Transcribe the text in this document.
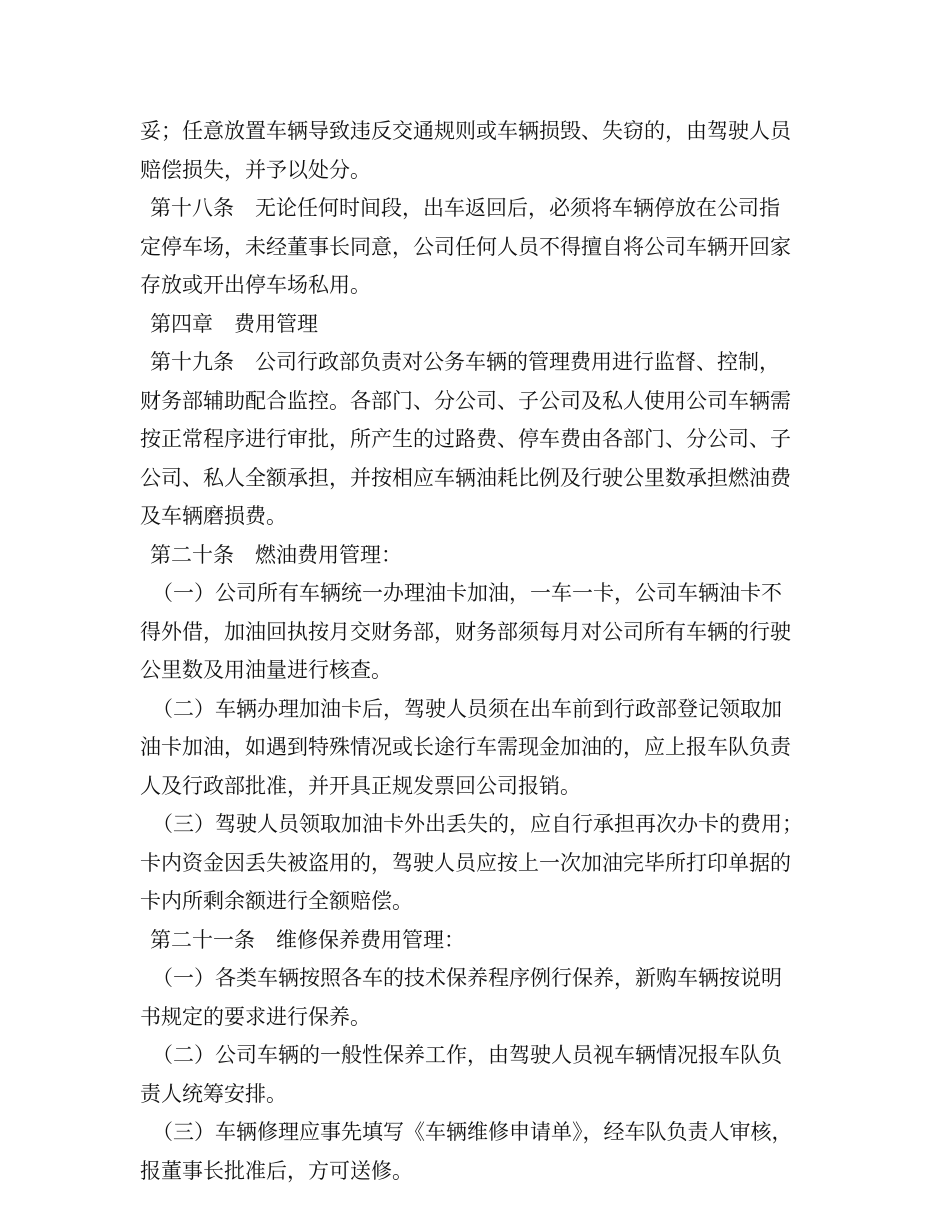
妥；任意放置车辆导致违反交通规则或车辆损毁、失窃的，由驾驶人员
赔偿损失，并予以处分。
第十八条　无论任何时间段，出车返回后，必须将车辆停放在公司指
定停车场，未经董事长同意，公司任何人员不得擅自将公司车辆开回家
存放或开出停车场私用。
第四章　费用管理
第十九条　公司行政部负责对公务车辆的管理费用进行监督、控制，
财务部辅助配合监控。各部门、分公司、子公司及私人使用公司车辆需
按正常程序进行审批，所产生的过路费、停车费由各部门、分公司、子
公司、私人全额承担，并按相应车辆油耗比例及行驶公里数承担燃油费
及车辆磨损费。
第二十条　燃油费用管理：
（一）公司所有车辆统一办理油卡加油，一车一卡，公司车辆油卡不
得外借，加油回执按月交财务部，财务部须每月对公司所有车辆的行驶
公里数及用油量进行核查。
（二）车辆办理加油卡后，驾驶人员须在出车前到行政部登记领取加
油卡加油，如遇到特殊情况或长途行车需现金加油的，应上报车队负责
人及行政部批准，并开具正规发票回公司报销。
（三）驾驶人员领取加油卡外出丢失的，应自行承担再次办卡的费用；
卡内资金因丢失被盗用的，驾驶人员应按上一次加油完毕所打印单据的
卡内所剩余额进行全额赔偿。
第二十一条　维修保养费用管理：
（一）各类车辆按照各车的技术保养程序例行保养，新购车辆按说明
书规定的要求进行保养。
（二）公司车辆的一般性保养工作，由驾驶人员视车辆情况报车队负
责人统筹安排。
（三）车辆修理应事先填写《车辆维修申请单》，经车队负责人审核，
报董事长批准后，方可送修。
